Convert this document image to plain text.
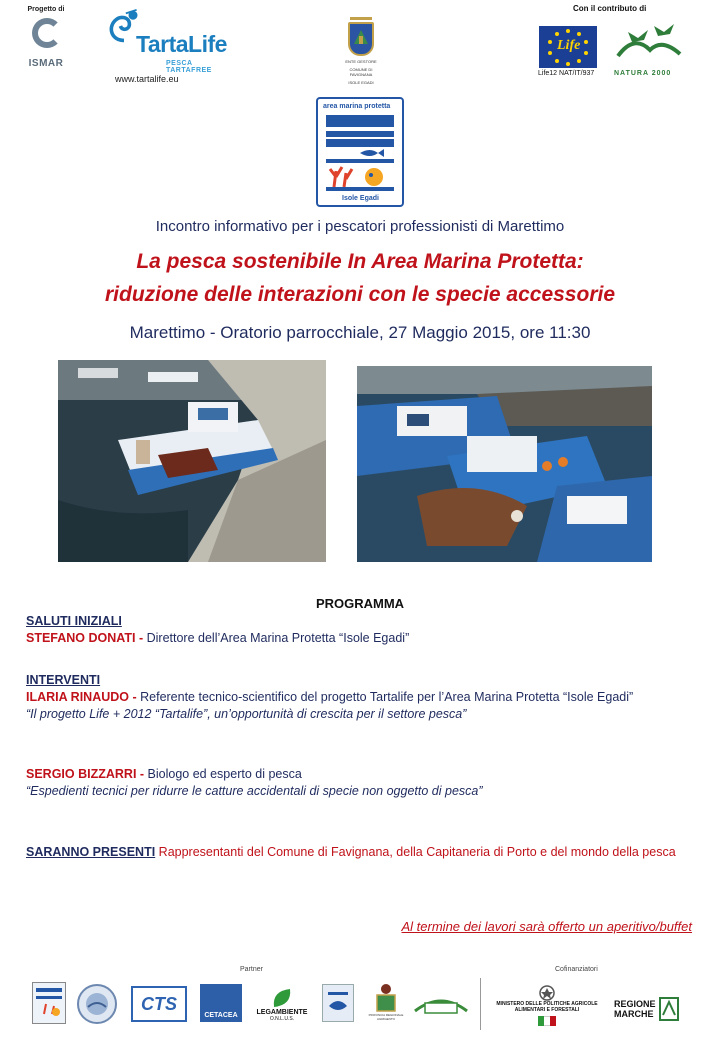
Progetto di
ISMAR
TartaLife
PESCA TARTAFREE
www.tartalife.eu
ENTE GESTORE
COMUNE DI FAVIGNANA
ISOLE EGADI
Con il contributo di
Life
Life12 NAT/IT/937	NATURA 2000
area marina protetta
Isole Egadi
Incontro informativo per i pescatori professionisti di Marettimo
La pesca sostenibile In Area Marina Protetta:
riduzione delle interazioni con le specie accessorie
Marettimo - Oratorio parrocchiale, 27 Maggio 2015, ore 11:30
PROGRAMMA
SALUTI INIZIALI
STEFANO DONATI - Direttore dell’Area Marina Protetta “Isole Egadi”
INTERVENTI
ILARIA RINAUDO - Referente tecnico-scientifico del progetto Tartalife per l’Area Marina Protetta “Isole Egadi”
“Il progetto Life + 2012 “Tartalife”, un’opportunità di crescita per il settore pesca”
SERGIO BIZZARRI - Biologo ed esperto di pesca
“Espedienti tecnici per ridurre le catture accidentali di specie non oggetto di pesca”
SARANNO PRESENTI Rappresentanti del Comune di Favignana, della Capitaneria di Porto e del mondo della pesca
Al termine dei lavori sarà offerto un aperitivo/buffet
Partner	Cofinanziatori
CTS
CETACEA	LEGAMBIENTE
O.N.L.U.S.
PROVINCIA REGIONALE AGRIGENTO
MINISTERO DELLE POLITICHE AGRICOLE ALIMENTARI E FORESTALI
REGIONE
MARCHE
